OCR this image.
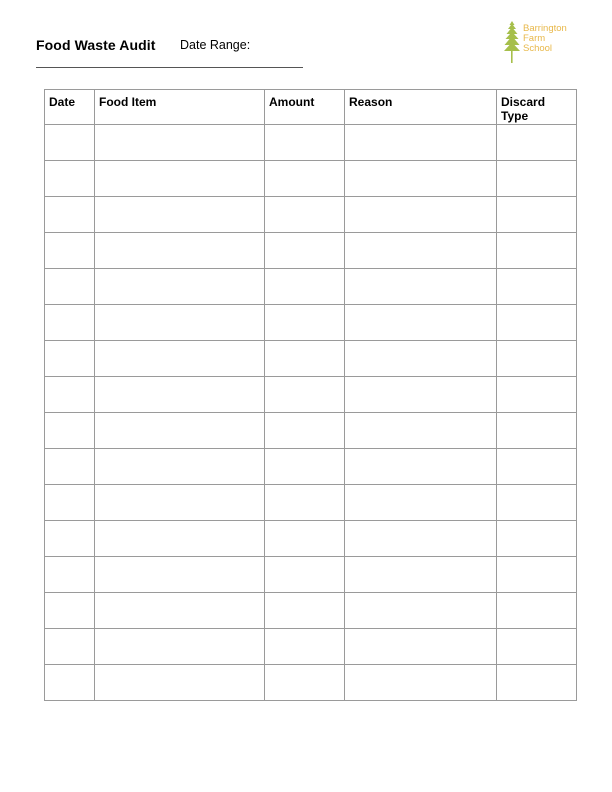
Food Waste Audit Date Range:
Barrington
Farm
School
Date	Food Item	Amount	Reason	Discard Type
